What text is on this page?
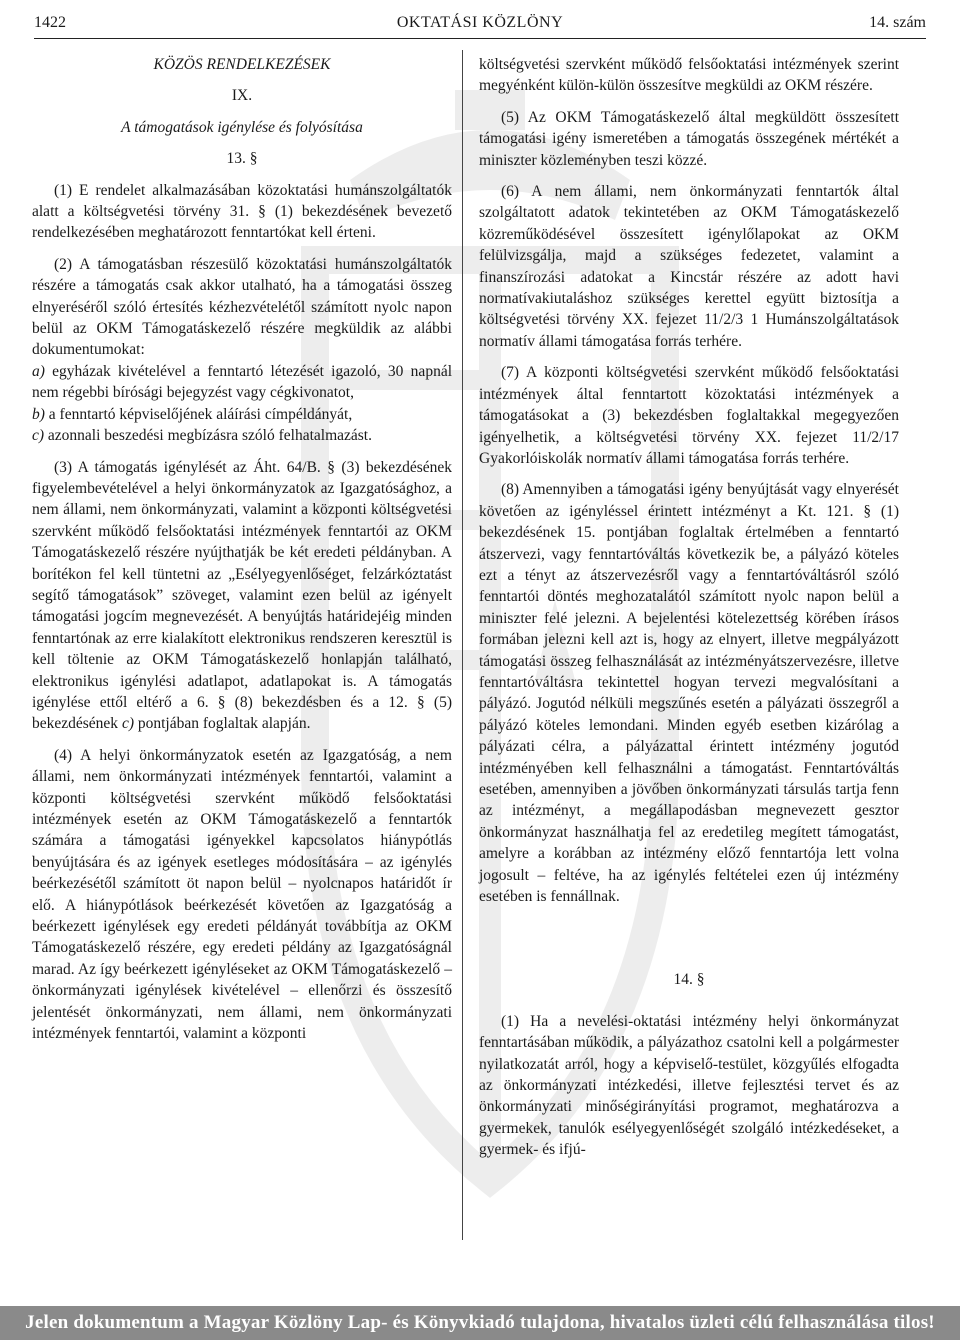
1422	OKTATÁSI KÖZLÖNY	14. szám

KÖZÖS RENDELKEZÉSEK

IX.

A támogatások igénylése és folyósítása

13. §

(1) E rendelet alkalmazásában közoktatási humánszolgáltatók alatt a költségvetési törvény 31. § (1) bekezdésének bevezető rendelkezésében meghatározott fenntartókat kell érteni.

(2) A támogatásban részesülő közoktatási humánszolgáltatók részére a támogatás csak akkor utalható, ha a támogatási összeg elnyeréséről szóló értesítés kézhezvételétől számított nyolc napon belül az OKM Támogatáskezelő részére megküldik az alábbi dokumentumokat:

a) egyházak kivételével a fenntartó létezését igazoló, 30 napnál nem régebbi bírósági bejegyzést vagy cégkivonatot,

b) a fenntartó képviselőjének aláírási címpéldányát,

c) azonnali beszedési megbízásra szóló felhatalmazást.

(3) A támogatás igénylését az Áht. 64/B. § (3) bekezdésének figyelembevételével a helyi önkormányzatok az Igazgatósághoz, a nem állami, nem önkormányzati, valamint a központi költségvetési szervként működő felsőoktatási intézmények fenntartói az OKM Támogatáskezelő részére nyújthatják be két eredeti példányban. A borítékon fel kell tüntetni az „Esélyegyenlőséget, felzárkóztatást segítő támogatások” szöveget, valamint ezen belül az igényelt támogatási jogcím megnevezését. A benyújtás határidejéig minden fenntartónak az erre kialakított elektronikus rendszeren keresztül is kell töltenie az OKM Támogatáskezelő honlapján található, elektronikus igénylési adatlapot, adatlapokat is. A támogatás igénylése ettől eltérő a 6. § (8) bekezdésben és a 12. § (5) bekezdésének c) pontjában foglaltak alapján.

(4) A helyi önkormányzatok esetén az Igazgatóság, a nem állami, nem önkormányzati intézmények fenntartói, valamint a központi költségvetési szervként működő felsőoktatási intézmények esetén az OKM Támogatáskezelő a fenntartók számára a támogatási igényekkel kapcsolatos hiánypótlás benyújtására és az igények esetleges módosítására – az igénylés beérkezésétől számított öt napon belül – nyolcnapos határidőt ír elő. A hiánypótlások beérkezését követően az Igazgatóság a beérkezett igénylések egy eredeti példányát továbbítja az OKM Támogatáskezelő részére, egy eredeti példány az Igazgatóságnál marad. Az így beérkezett igényléseket az OKM Támogatáskezelő – önkormányzati igénylések kivételével – ellenőrzi és összesítő jelentését önkormányzati, nem állami, nem önkormányzati intézmények fenntartói, valamint a központi

költségvetési szervként működő felsőoktatási intézmények szerint megyénként külön-külön összesítve megküldi az OKM részére.

(5) Az OKM Támogatáskezelő által megküldött összesített támogatási igény ismeretében a támogatás összegének mértékét a miniszter közleményben teszi közzé.

(6) A nem állami, nem önkormányzati fenntartók által szolgáltatott adatok tekintetében az OKM Támogatáskezelő közreműködésével összesített igénylőlapokat az OKM felülvizsgálja, majd a szükséges fedezetet, valamint a finanszírozási adatokat a Kincstár részére az adott havi normatívakiutaláshoz szükséges kerettel együtt biztosítja a költségvetési törvény XX. fejezet 11/2/3 1 Humánszolgáltatások normatív állami támogatása forrás terhére.

(7) A központi költségvetési szervként működő felsőoktatási intézmények által fenntartott közoktatási intézmények a támogatásokat a (3) bekezdésben foglaltakkal megegyezően igényelhetik, a költségvetési törvény XX. fejezet 11/2/17 Gyakorlóiskolák normatív állami támogatása forrás terhére.

(8) Amennyiben a támogatási igény benyújtását vagy elnyerését követően az igényléssel érintett intézményt a Kt. 121. § (1) bekezdésének 15. pontjában foglaltak értelmében a fenntartó átszervezi, vagy fenntartóváltás következik be, a pályázó köteles ezt a tényt az átszervezésről vagy a fenntartóváltásról szóló fenntartói döntés meghozatalától számított nyolc napon belül a miniszter felé jelezni. A bejelentési kötelezettség körében írásos formában jelezni kell azt is, hogy az elnyert, illetve megpályázott támogatási összeg felhasználását az intézményátszervezésre, illetve fenntartóváltásra tekintettel hogyan tervezi megvalósítani a pályázó. Jogutód nélküli megszűnés esetén a pályázati összegről a pályázó köteles lemondani. Minden egyéb esetben kizárólag a pályázati célra, a pályázattal érintett intézmény jogutód intézményében kell felhasználni a támogatást. Fenntartóváltás esetében, amennyiben a jövőben önkormányzati társulás tartja fenn az intézményt, a megállapodásban megnevezett gesztor önkormányzat használhatja fel az eredetileg megített támogatást, amelyre a korábban az intézmény előző fenntartója lett volna jogosult – feltéve, ha az igénylés feltételei ezen új intézmény esetében is fennállnak.

14. §

(1) Ha a nevelési-oktatási intézmény helyi önkormányzat fenntartásában működik, a pályázathoz csatolni kell a polgármester nyilatkozatát arról, hogy a képviselő-testület, közgyűlés elfogadta az önkormányzati intézkedési, illetve fejlesztési tervet és az önkormányzati minőségirányítási programot, meghatározva a gyermekek, tanulók esélyegyenlőségét szolgáló intézkedéseket, a gyermek- és ifjú-

Jelen dokumentum a Magyar Közlöny Lap- és Könyvkiadó tulajdona, hivatalos üzleti célú felhasználása tilos!
